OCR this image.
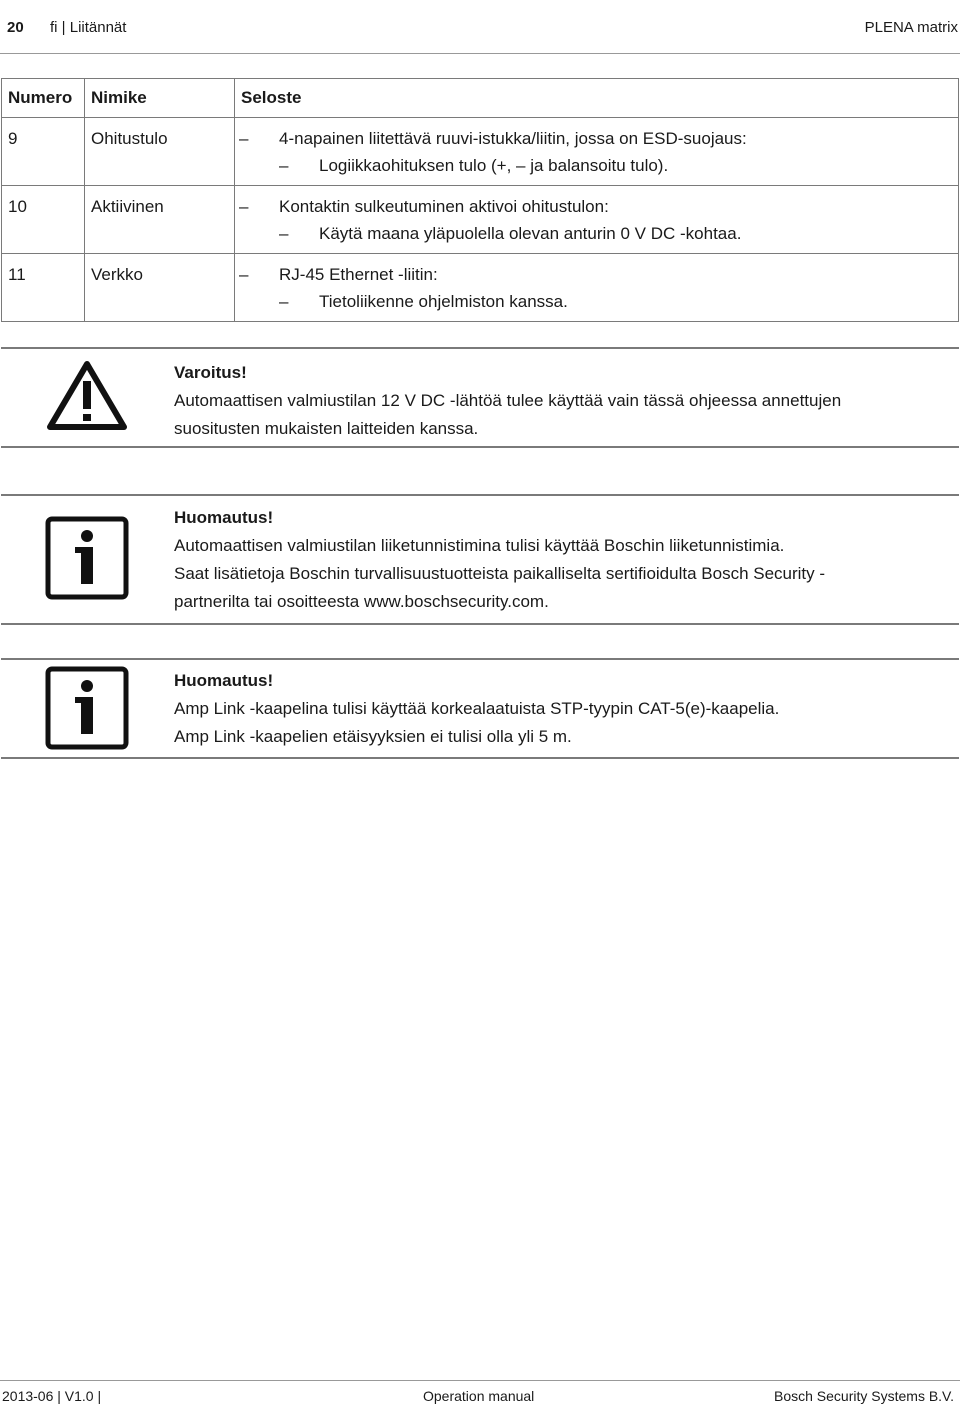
20 fi | Liitännät	PLENA matrix
Numero	Nimike	Seloste

9	Ohitustulo	– 4-napainen liitettävä ruuvi-istukka/liitin, jossa on ESD-suojaus:
– Logiikkaohituksen tulo (+, – ja balansoitu tulo).

10	Aktiivinen	– Kontaktin sulkeutuminen aktivoi ohitustulon:
– Käytä maana yläpuolella olevan anturin 0 V DC -kohtaa.

11	Verkko	– RJ-45 Ethernet -liitin:
– Tietoliikenne ohjelmiston kanssa.
Varoitus!
Automaattisen valmiustilan 12 V DC -lähtöä tulee käyttää vain tässä ohjeessa annettujen
suositusten mukaisten laitteiden kanssa.
Huomautus!
Automaattisen valmiustilan liiketunnistimina tulisi käyttää Boschin liiketunnistimia.
Saat lisätietoja Boschin turvallisuustuotteista paikalliselta sertifioidulta Bosch Security -
partnerilta tai osoitteesta www.boschsecurity.com.
Huomautus!
Amp Link -kaapelina tulisi käyttää korkealaatuista STP-tyypin CAT-5(e)-kaapelia.
Amp Link -kaapelien etäisyyksien ei tulisi olla yli 5 m.
2013-06 | V1.0 |	Operation manual	Bosch Security Systems B.V.
